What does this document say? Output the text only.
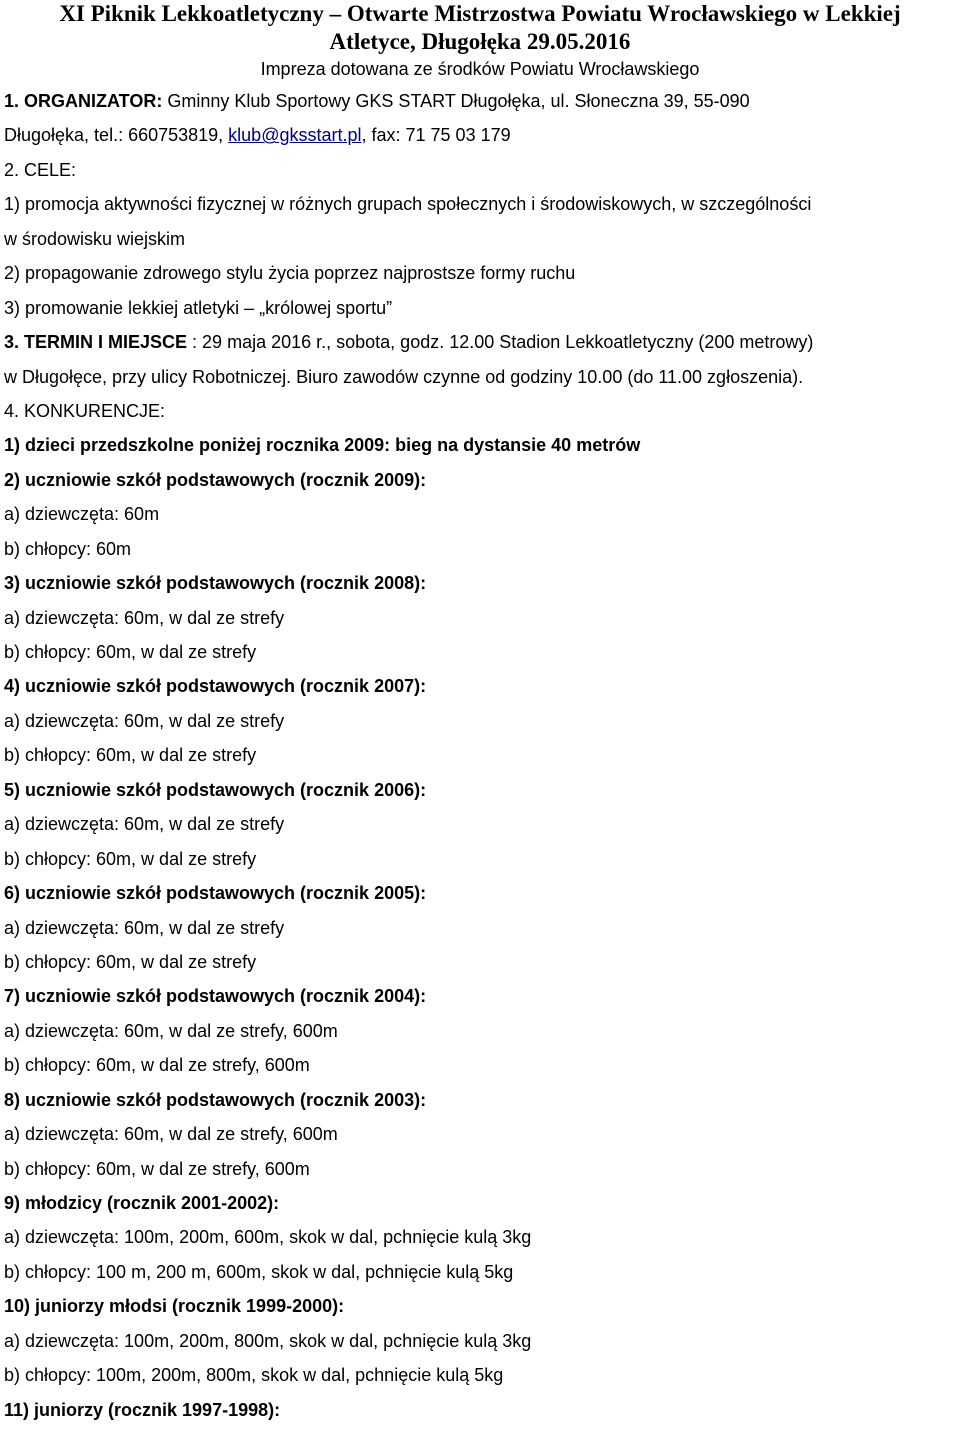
XI Piknik Lekkoatletyczny – Otwarte Mistrzostwa Powiatu Wrocławskiego w Lekkiej

Atletyce, Długołęka 29.05.2016

Impreza dotowana ze środków Powiatu Wrocławskiego

1. ORGANIZATOR: Gminny Klub Sportowy GKS START Długołęka, ul. Słoneczna 39, 55-090

Długołęka, tel.: 660753819, klub@gksstart.pl, fax: 71 75 03 179

2. CELE:

1) promocja aktywności fizycznej w różnych grupach społecznych i środowiskowych, w szczególności

w środowisku wiejskim

2) propagowanie zdrowego stylu życia poprzez najprostsze formy ruchu

3) promowanie lekkiej atletyki – „królowej sportu”

3. TERMIN I MIEJSCE : 29 maja 2016 r., sobota, godz. 12.00 Stadion Lekkoatletyczny (200 metrowy)

w Długołęce, przy ulicy Robotniczej. Biuro zawodów czynne od godziny 10.00 (do 11.00 zgłoszenia).

4. KONKURENCJE:

1) dzieci przedszkolne poniżej rocznika 2009: bieg na dystansie 40 metrów

2) uczniowie szkół podstawowych (rocznik 2009):

a) dziewczęta: 60m

b) chłopcy: 60m

3) uczniowie szkół podstawowych (rocznik 2008):

a) dziewczęta: 60m, w dal ze strefy

b) chłopcy: 60m, w dal ze strefy

4) uczniowie szkół podstawowych (rocznik 2007):

a) dziewczęta: 60m, w dal ze strefy

b) chłopcy: 60m, w dal ze strefy

5) uczniowie szkół podstawowych (rocznik 2006):

a) dziewczęta: 60m, w dal ze strefy

b) chłopcy: 60m, w dal ze strefy

6) uczniowie szkół podstawowych (rocznik 2005):

a) dziewczęta: 60m, w dal ze strefy

b) chłopcy: 60m, w dal ze strefy

7) uczniowie szkół podstawowych (rocznik 2004):

a) dziewczęta: 60m, w dal ze strefy, 600m

b) chłopcy: 60m, w dal ze strefy, 600m

8) uczniowie szkół podstawowych (rocznik 2003):

a) dziewczęta: 60m, w dal ze strefy, 600m

b) chłopcy: 60m, w dal ze strefy, 600m

9) młodzicy (rocznik 2001-2002):

a) dziewczęta: 100m, 200m, 600m, skok w dal, pchnięcie kulą 3kg

b) chłopcy: 100 m, 200 m, 600m, skok w dal, pchnięcie kulą 5kg

10) juniorzy młodsi (rocznik 1999-2000):

a) dziewczęta: 100m, 200m, 800m, skok w dal, pchnięcie kulą 3kg

b) chłopcy: 100m, 200m, 800m, skok w dal, pchnięcie kulą 5kg

11) juniorzy (rocznik 1997-1998):
